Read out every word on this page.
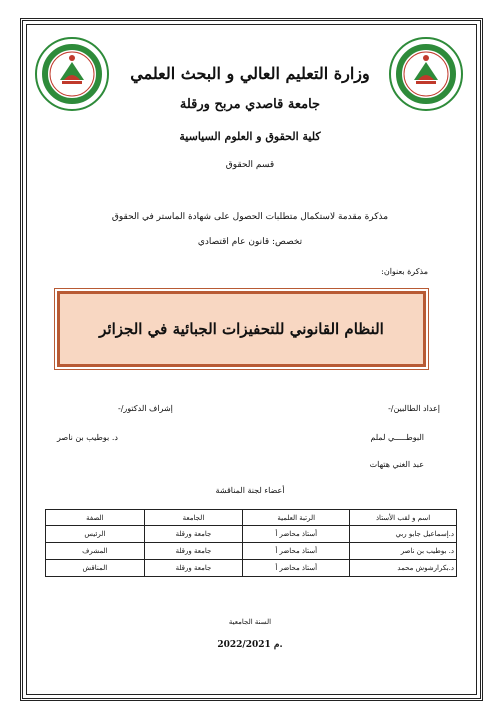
وزارة التعليم العالي و البحث العلمي
جامعة قاصدي مربح ورقلة
كلية الحقوق و العلوم السياسية
قسم الحقوق
مذكرة مقدمة لاستكمال متطلبات الحصول على شهادة الماستر في الحقوق
تخصص: قانون عام اقتصادي
مذكرة بعنوان:
النظام القانوني للتحفيزات الجبائية في الجزائر
إعداد الطالبين/-
إشراف الدكتور/-
البوطـــــي لملم
د. بوطيب بن ناصر
عبد الغني هتهات
أعضاء لجنة المناقشة
اسم و لقب الأستاذ	الرتبة العلمية	الجامعة	الصفة
د.إسماعيل جابو ربي	أستاذ محاضر أ	جامعة ورقلة	الرئيس
د. بوطيب بن ناصر	أستاذ محاضر أ	جامعة ورقلة	المشرف
د.بكرارشوش محمد	أستاذ محاضر أ	جامعة ورقلة	المناقش
السنة الجامعية
2022/2021 م.
